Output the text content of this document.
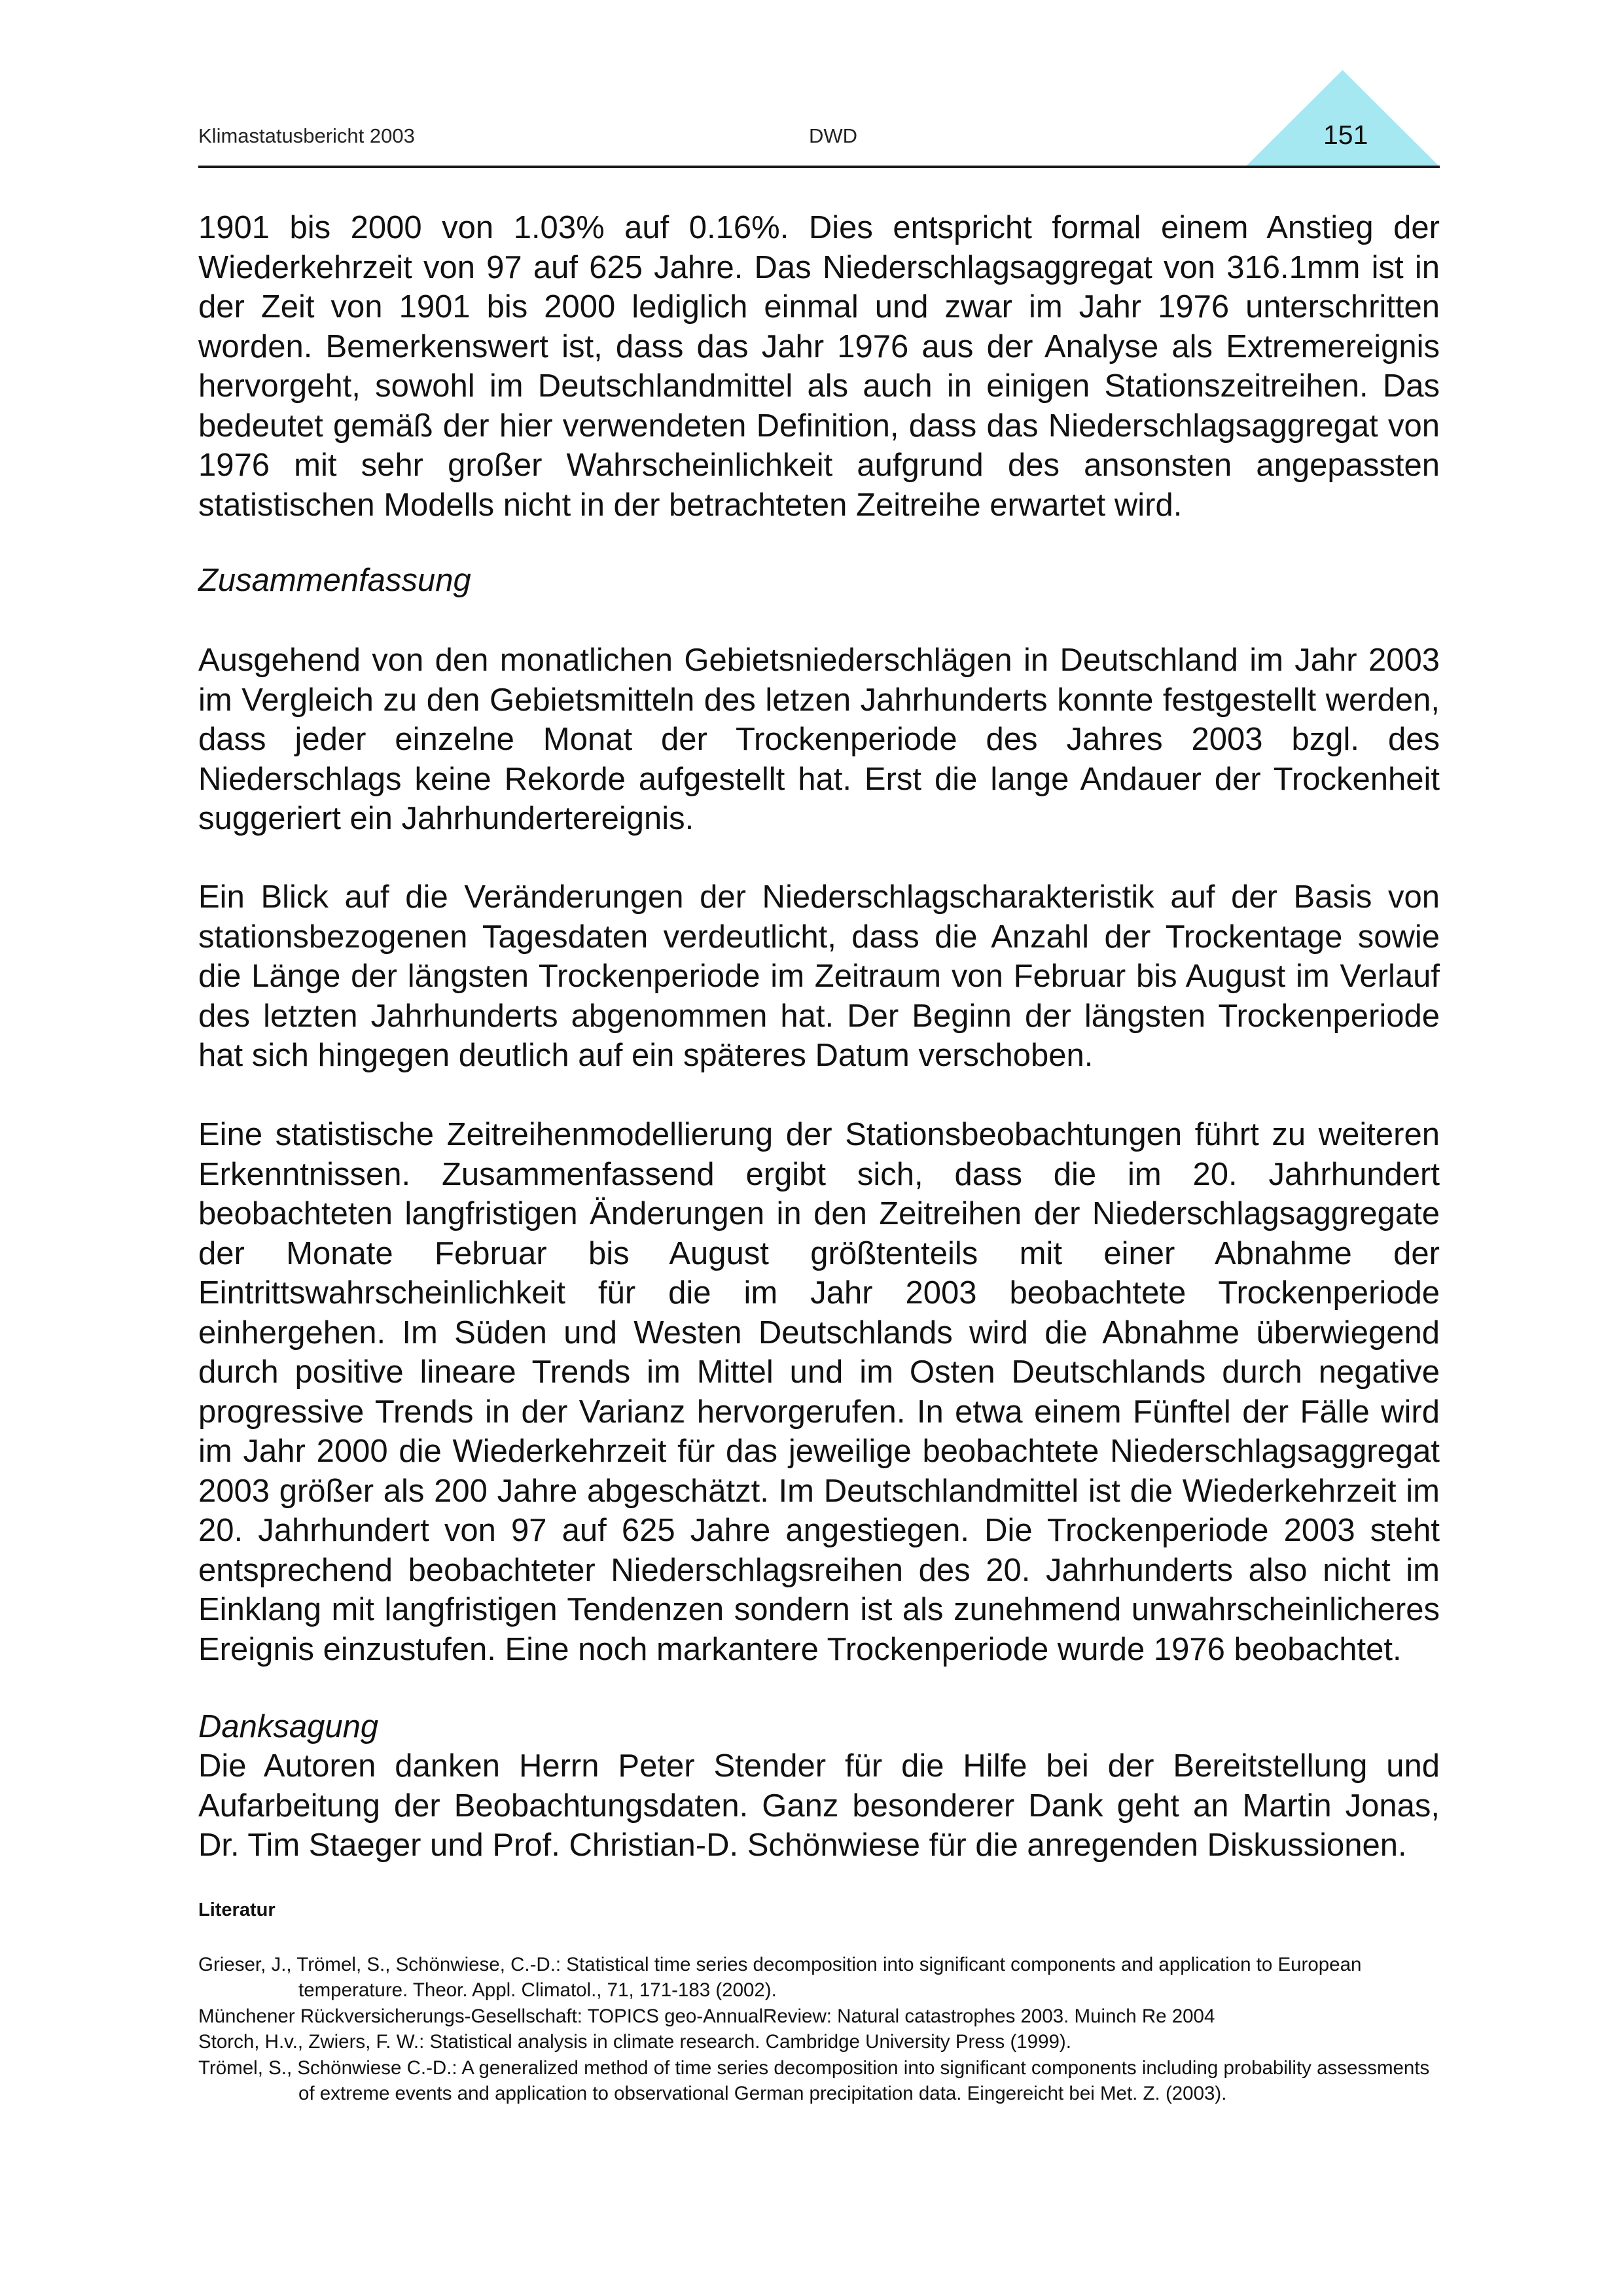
Klimastatusbericht 2003	DWD	151

1901 bis 2000 von 1.03% auf 0.16%. Dies entspricht formal einem Anstieg der Wiederkehrzeit von 97 auf 625 Jahre. Das Niederschlagsaggregat von 316.1mm ist in der Zeit von 1901 bis 2000 lediglich einmal und zwar im Jahr 1976 unterschritten worden. Bemerkenswert ist, dass das Jahr 1976 aus der Analyse als Extremereignis hervorgeht, sowohl im Deutschlandmittel als auch in einigen Stationszeitreihen. Das bedeutet gemäß der hier verwendeten Definition, dass das Niederschlagsaggregat von 1976 mit sehr großer Wahrscheinlichkeit aufgrund des ansonsten angepassten statistischen Modells nicht in der betrachteten Zeitreihe erwartet wird.

Zusammenfassung

Ausgehend von den monatlichen Gebietsniederschlägen in Deutschland im Jahr 2003 im Vergleich zu den Gebietsmitteln des letzen Jahrhunderts konnte festgestellt werden, dass jeder einzelne Monat der Trockenperiode des Jahres 2003 bzgl. des Niederschlags keine Rekorde aufgestellt hat. Erst die lange Andauer der Trockenheit suggeriert ein Jahrhundertereignis.

Ein Blick auf die Veränderungen der Niederschlagscharakteristik auf der Basis von stationsbezogenen Tagesdaten verdeutlicht, dass die Anzahl der Trockentage sowie die Länge der längsten Trockenperiode im Zeitraum von Februar bis August im Verlauf des letzten Jahrhunderts abgenommen hat. Der Beginn der längsten Trockenperiode hat sich hingegen deutlich auf ein späteres Datum verschoben.

Eine statistische Zeitreihenmodellierung der Stationsbeobachtungen führt zu weiteren Erkenntnissen. Zusammenfassend ergibt sich, dass die im 20. Jahrhundert beobachteten langfristigen Änderungen in den Zeitreihen der Niederschlagsaggregate der Monate Februar bis August größtenteils mit einer Abnahme der Eintrittswahrscheinlichkeit für die im Jahr 2003 beobachtete Trockenperiode einhergehen. Im Süden und Westen Deutschlands wird die Abnahme überwiegend durch positive lineare Trends im Mittel und im Osten Deutschlands durch negative progressive Trends in der Varianz hervorgerufen. In etwa einem Fünftel der Fälle wird im Jahr 2000 die Wiederkehrzeit für das jeweilige beobachtete Niederschlagsaggregat 2003 größer als 200 Jahre abgeschätzt. Im Deutschlandmittel ist die Wiederkehrzeit im 20. Jahrhundert von 97 auf 625 Jahre angestiegen. Die Trockenperiode 2003 steht entsprechend beobachteter Niederschlagsreihen des 20. Jahrhunderts also nicht im Einklang mit langfristigen Tendenzen sondern ist als zunehmend unwahrscheinlicheres Ereignis einzustufen. Eine noch markantere Trockenperiode wurde 1976 beobachtet.

Danksagung

Die Autoren danken Herrn Peter Stender für die Hilfe bei der Bereitstellung und Aufarbeitung der Beobachtungsdaten. Ganz besonderer Dank geht an Martin Jonas, Dr. Tim Staeger und Prof. Christian-D. Schönwiese für die anregenden Diskussionen.

Literatur

Grieser, J., Trömel, S., Schönwiese, C.-D.: Statistical time series decomposition into significant components and application to European temperature. Theor. Appl. Climatol., 71, 171-183 (2002).

Münchener Rückversicherungs-Gesellschaft: TOPICS geo-AnnualReview: Natural catastrophes 2003. Muinch Re 2004

Storch, H.v., Zwiers, F. W.: Statistical analysis in climate research. Cambridge University Press (1999).

Trömel, S., Schönwiese C.-D.: A generalized method of time series decomposition into significant components including probability assessments of extreme events and application to observational German precipitation data. Eingereicht bei Met. Z. (2003).
